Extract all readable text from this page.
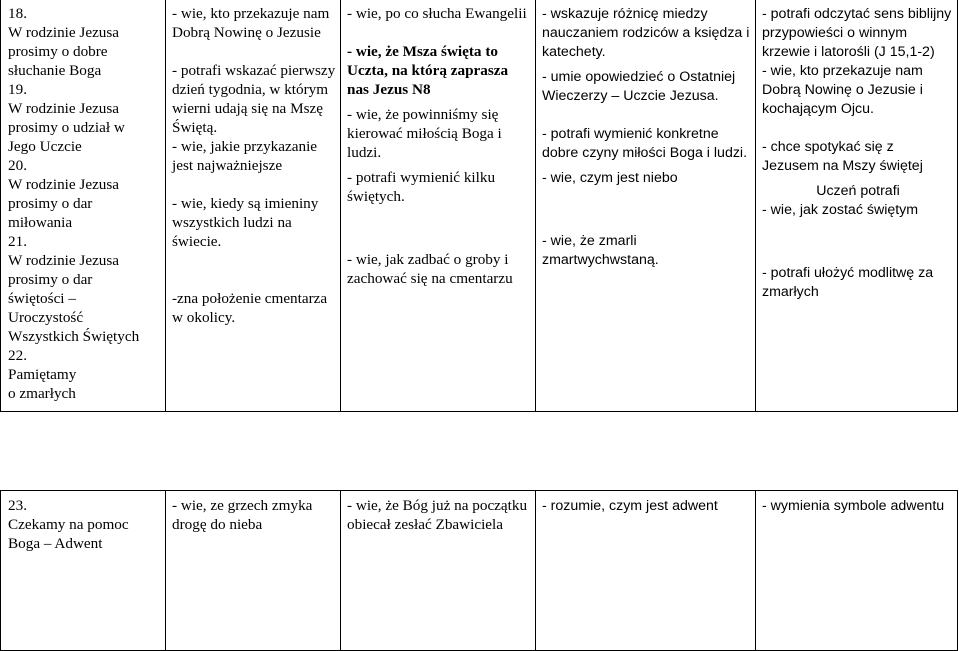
18.

W rodzinie Jezusa

prosimy o dobre

słuchanie Boga

19.

W rodzinie Jezusa

prosimy o udział w

Jego Uczcie

20.

W rodzinie Jezusa

prosimy o dar

miłowania

21.

W rodzinie Jezusa

prosimy o dar

świętości –

Uroczystość

Wszystkich Świętych

22.

Pamiętamy

o zmarłych

- wie, kto przekazuje nam Dobrą Nowinę o Jezusie

- potrafi wskazać pierwszy dzień tygodnia, w którym wierni udają się na Mszę Świętą.

- wie, jakie przykazanie jest najważniejsze

- wie, kiedy są imieniny wszystkich ludzi na świecie.

-zna położenie cmentarza w okolicy.

- wie, po co słucha Ewangelii

- wie, że Msza święta to Uczta, na którą zaprasza nas Jezus N8

- wie, że powinniśmy się kierować miłością Boga i ludzi.

- potrafi wymienić kilku świętych.

- wie, jak zadbać o groby i zachować się na cmentarzu

- wskazuje różnicę miedzy nauczaniem rodziców a księdza i katechety.

- umie opowiedzieć o Ostatniej Wieczerzy – Uczcie Jezusa.

- potrafi wymienić konkretne dobre czyny miłości Boga i ludzi.

- wie, czym jest niebo

- wie, że zmarli zmartwychwstaną.

- potrafi odczytać sens biblijny przypowieści o winnym krzewie i latorośli (J 15,1-2)

- wie, kto przekazuje nam Dobrą Nowinę o Jezusie i kochającym Ojcu.

- chce spotykać się z Jezusem na Mszy świętej

Uczeń potrafi

- wie, jak zostać świętym

- potrafi ułożyć modlitwę za zmarłych

23.

Czekamy na pomoc

Boga – Adwent

- wie, ze grzech zmyka drogę do nieba

- wie, że Bóg już na początku obiecał zesłać Zbawiciela

- rozumie, czym jest adwent	- wymienia symbole adwentu
